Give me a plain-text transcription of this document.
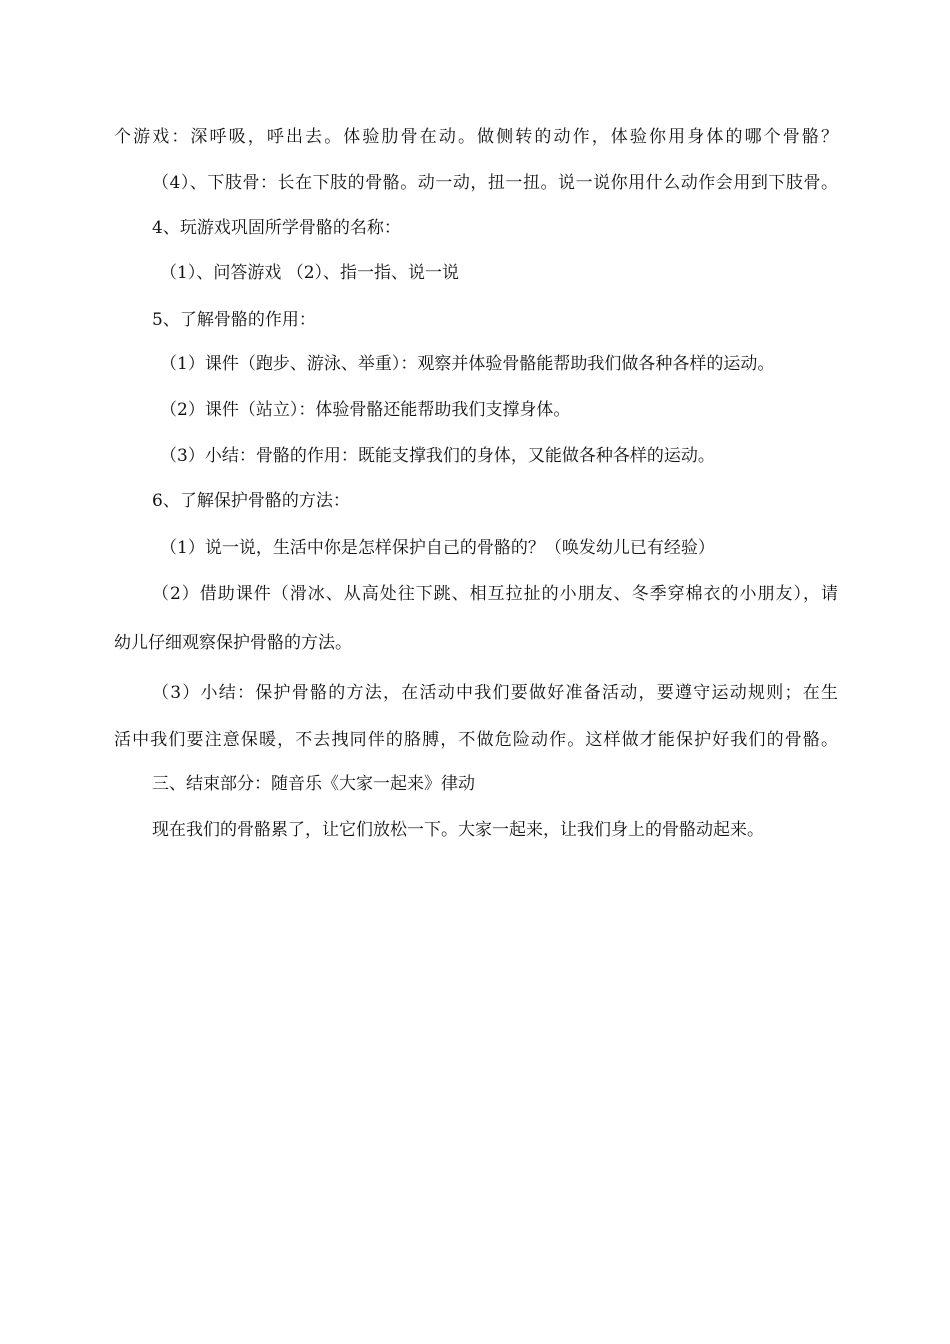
个游戏：深呼吸，呼出去。体验肋骨在动。做侧转的动作，体验你用身体的哪个骨骼？
（4）、下肢骨：长在下肢的骨骼。动一动，扭一扭。说一说你用什么动作会用到下肢骨。
4、玩游戏巩固所学骨骼的名称：
（1）、问答游戏 （2）、指一指、说一说
5、了解骨骼的作用：
（1）课件（跑步、游泳、举重）：观察并体验骨骼能帮助我们做各种各样的运动。
（2）课件（站立）：体验骨骼还能帮助我们支撑身体。
（3）小结：骨骼的作用：既能支撑我们的身体，又能做各种各样的运动。
6、了解保护骨骼的方法：
（1）说一说，生活中你是怎样保护自己的骨骼的？（唤发幼儿已有经验）
（2）借助课件（滑冰、从高处往下跳、相互拉扯的小朋友、冬季穿棉衣的小朋友），请
幼儿仔细观察保护骨骼的方法。
（3）小结：保护骨骼的方法，在活动中我们要做好准备活动，要遵守运动规则；在生
活中我们要注意保暖，不去拽同伴的胳膊，不做危险动作。这样做才能保护好我们的骨骼。
三、结束部分：随音乐《大家一起来》律动
现在我们的骨骼累了，让它们放松一下。大家一起来，让我们身上的骨骼动起来。
